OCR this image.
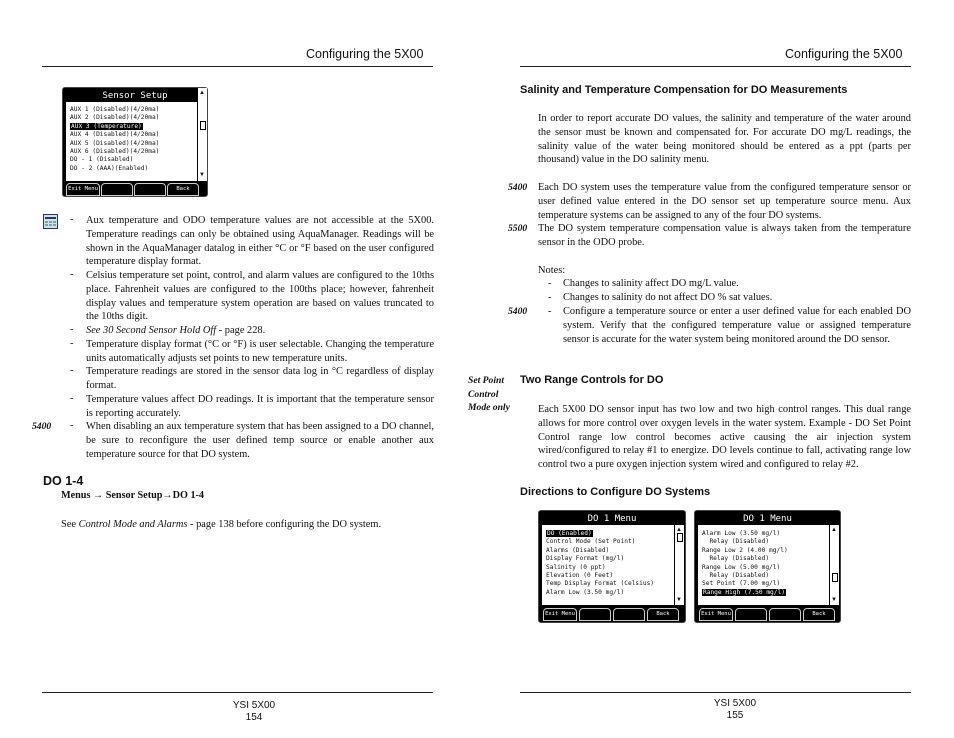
Configuring the 5X00
Sensor Setup
AUX 1 (Disabled)(4/20ma)
AUX 2 (Disabled)(4/20ma)
AUX 3 (Temperature)
AUX 4 (Disabled)(4/20ma)
AUX 5 (Disabled)(4/20ma)
AUX 6 (Disabled)(4/20ma)
DO - 1 (Disabled)
DO - 2 (AAA)(Enabled)
▲
▼
Exit Menu	Back
- Aux temperature and ODO temperature values are not accessible at the 5X00. Temperature readings can only be obtained using AquaManager. Readings will be shown in the AquaManager datalog in either °C or °F based on the user configured temperature display format.
- Celsius temperature set point, control, and alarm values are configured to the 10ths place. Fahrenheit values are configured to the 100ths place; however, fahrenheit display values and temperature system operation are based on values truncated to the 10ths digit.
- See 30 Second Sensor Hold Off - page 228.
- Temperature display format (°C or °F) is user selectable. Changing the temperature units automatically adjusts set points to new temperature units.
- Temperature readings are stored in the sensor data log in °C regardless of display format.
- Temperature values affect DO readings. It is important that the temperature sensor is reporting accurately.
5400 - When disabling an aux temperature system that has been assigned to a DO channel, be sure to reconfigure the user defined temp source or enable another aux temperature source for that DO system.
DO 1-4
Menus → Sensor Setup→DO 1-4
See Control Mode and Alarms - page 138 before configuring the DO system.
YSI 5X00
154
Configuring the 5X00
Salinity and Temperature Compensation for DO Measurements
In order to report accurate DO values, the salinity and temperature of the water around the sensor must be known and compensated for. For accurate DO mg/L readings, the salinity value of the water being monitored should be entered as a ppt (parts per thousand) value in the DO salinity menu.
5400 Each DO system uses the temperature value from the configured temperature sensor or user defined value entered in the DO sensor set up temperature source menu. Aux temperature systems can be assigned to any of the four DO systems.
5500 The DO system temperature compensation value is always taken from the temperature sensor in the ODO probe.
Notes:
- Changes to salinity affect DO mg/L value.
- Changes to salinity do not affect DO % sat values.
5400 - Configure a temperature source or enter a user defined value for each enabled DO system. Verify that the configured temperature value or assigned temperature sensor is accurate for the water system being monitored around the DO sensor.
Set Point
Control
Mode only
Two Range Controls for DO
Each 5X00 DO sensor input has two low and two high control ranges. This dual range allows for more control over oxygen levels in the water system. Example - DO Set Point Control range low control becomes active causing the air injection system wired/configured to relay #1 to energize. DO levels continue to fall, activating range low control two a pure oxygen injection system wired and configured to relay #2.
Directions to Configure DO Systems
DO 1 Menu
DO (Enabled)
Control Mode (Set Point)
Alarms (Disabled)
Display Format (mg/l)
Salinity (0 ppt)
Elevation (0 Feet)
Temp Display Format (Celsius)
Alarm Low (3.50 mg/l)
▲
▼
Exit Menu	Back
DO 1 Menu
Alarm Low (3.50 mg/l)
Relay (Disabled)
Range Low 2 (4.00 mg/l)
Relay (Disabled)
Range Low (5.00 mg/l)
Relay (Disabled)
Set Point (7.00 mg/l)
Range High (7.50 mg/l)
▲
▼
Exit Menu	Back
YSI 5X00
155
